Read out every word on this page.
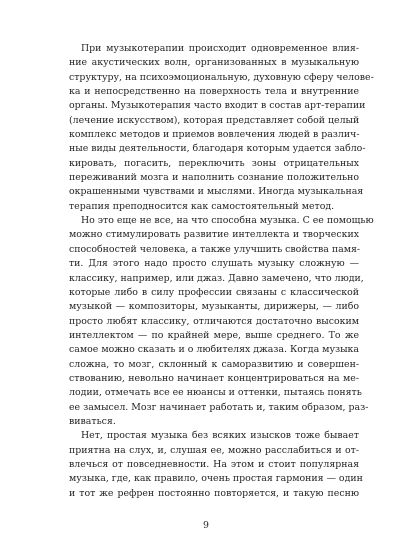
При музыкотерапии происходит одновременное влия-
ние акустических волн, организованных в музыкальную
структуру, на психоэмоциональную, духовную сферу челове-
ка и непосредственно на поверхность тела и внутренние
органы. Музыкотерапия часто входит в состав арт-терапии
(лечение искусством), которая представляет собой целый
комплекс методов и приемов вовлечения людей в различ-
ные виды деятельности, благодаря которым удается забло-
кировать, погасить, переключить зоны отрицательных
переживаний мозга и наполнить сознание положительно
окрашенными чувствами и мыслями. Иногда музыкальная
терапия преподносится как самостоятельный метод.
Но это еще не все, на что способна музыка. С ее помощью
можно стимулировать развитие интеллекта и творческих
способностей человека, а также улучшить свойства памя-
ти. Для этого надо просто слушать музыку сложную —
классику, например, или джаз. Давно замечено, что люди,
которые либо в силу профессии связаны с классической
музыкой — композиторы, музыканты, дирижеры, — либо
просто любят классику, отличаются достаточно высоким
интеллектом — по крайней мере, выше среднего. То же
самое можно сказать и о любителях джаза. Когда музыка
сложна, то мозг, склонный к саморазвитию и совершен-
ствованию, невольно начинает концентрироваться на ме-
лодии, отмечать все ее нюансы и оттенки, пытаясь понять
ее замысел. Мозг начинает работать и, таким образом, раз-
виваться.
Нет, простая музыка без всяких изысков тоже бывает
приятна на слух, и, слушая ее, можно расслабиться и от-
влечься от повседневности. На этом и стоит популярная
музыка, где, как правило, очень простая гармония — один
и тот же рефрен постоянно повторяется, и такую песню
9
